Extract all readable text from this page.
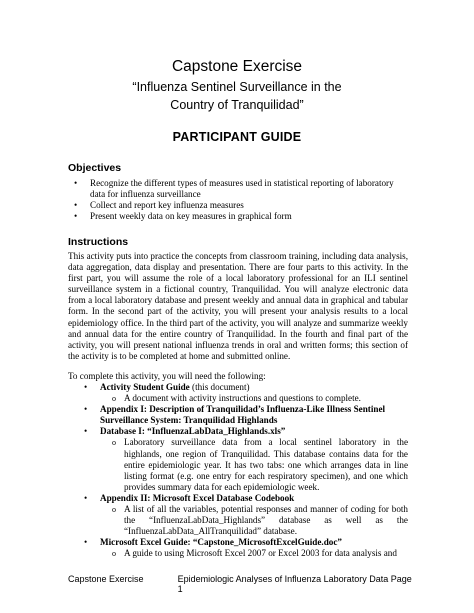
Capstone Exercise
“Influenza Sentinel Surveillance in the
Country of Tranquilidad”
PARTICIPANT GUIDE
Objectives
• Recognize the different types of measures used in statistical reporting of laboratory data for influenza surveillance
• Collect and report key influenza measures
• Present weekly data on key measures in graphical form
Instructions

This activity puts into practice the concepts from classroom training, including data analysis, data aggregation, data display and presentation. There are four parts to this activity. In the first part, you will assume the role of a local laboratory professional for an ILI sentinel surveillance system in a fictional country, Tranquilidad. You will analyze electronic data from a local laboratory database and present weekly and annual data in graphical and tabular form. In the second part of the activity, you will present your analysis results to a local epidemiology office. In the third part of the activity, you will analyze and summarize weekly and annual data for the entire country of Tranquilidad. In the fourth and final part of the activity, you will present national influenza trends in oral and written forms; this section of the activity is to be completed at home and submitted online.

To complete this activity, you will need the following:

• Activity Student Guide (this document)
o A document with activity instructions and questions to complete.
• Appendix I: Description of Tranquilidad’s Influenza-Like Illness Sentinel Surveillance System: Tranquilidad Highlands
• Database I: “InfluenzaLabData_Highlands.xls”
o Laboratory surveillance data from a local sentinel laboratory in the highlands, one region of Tranquilidad. This database contains data for the entire epidemiologic year. It has two tabs: one which arranges data in line listing format (e.g. one entry for each respiratory specimen), and one which provides summary data for each epidemiologic week.
• Appendix II: Microsoft Excel Database Codebook
o A list of all the variables, potential responses and manner of coding for both the “InfluenzaLabData_Highlands” database as well as the “InfluenzaLabData_AllTranquilidad” database.
• Microsoft Excel Guide: “Capstone_MicrosoftExcelGuide.doc”
o A guide to using Microsoft Excel 2007 or Excel 2003 for data analysis and
Capstone Exercise	Epidemiologic Analyses of Influenza Laboratory Data Page 1
